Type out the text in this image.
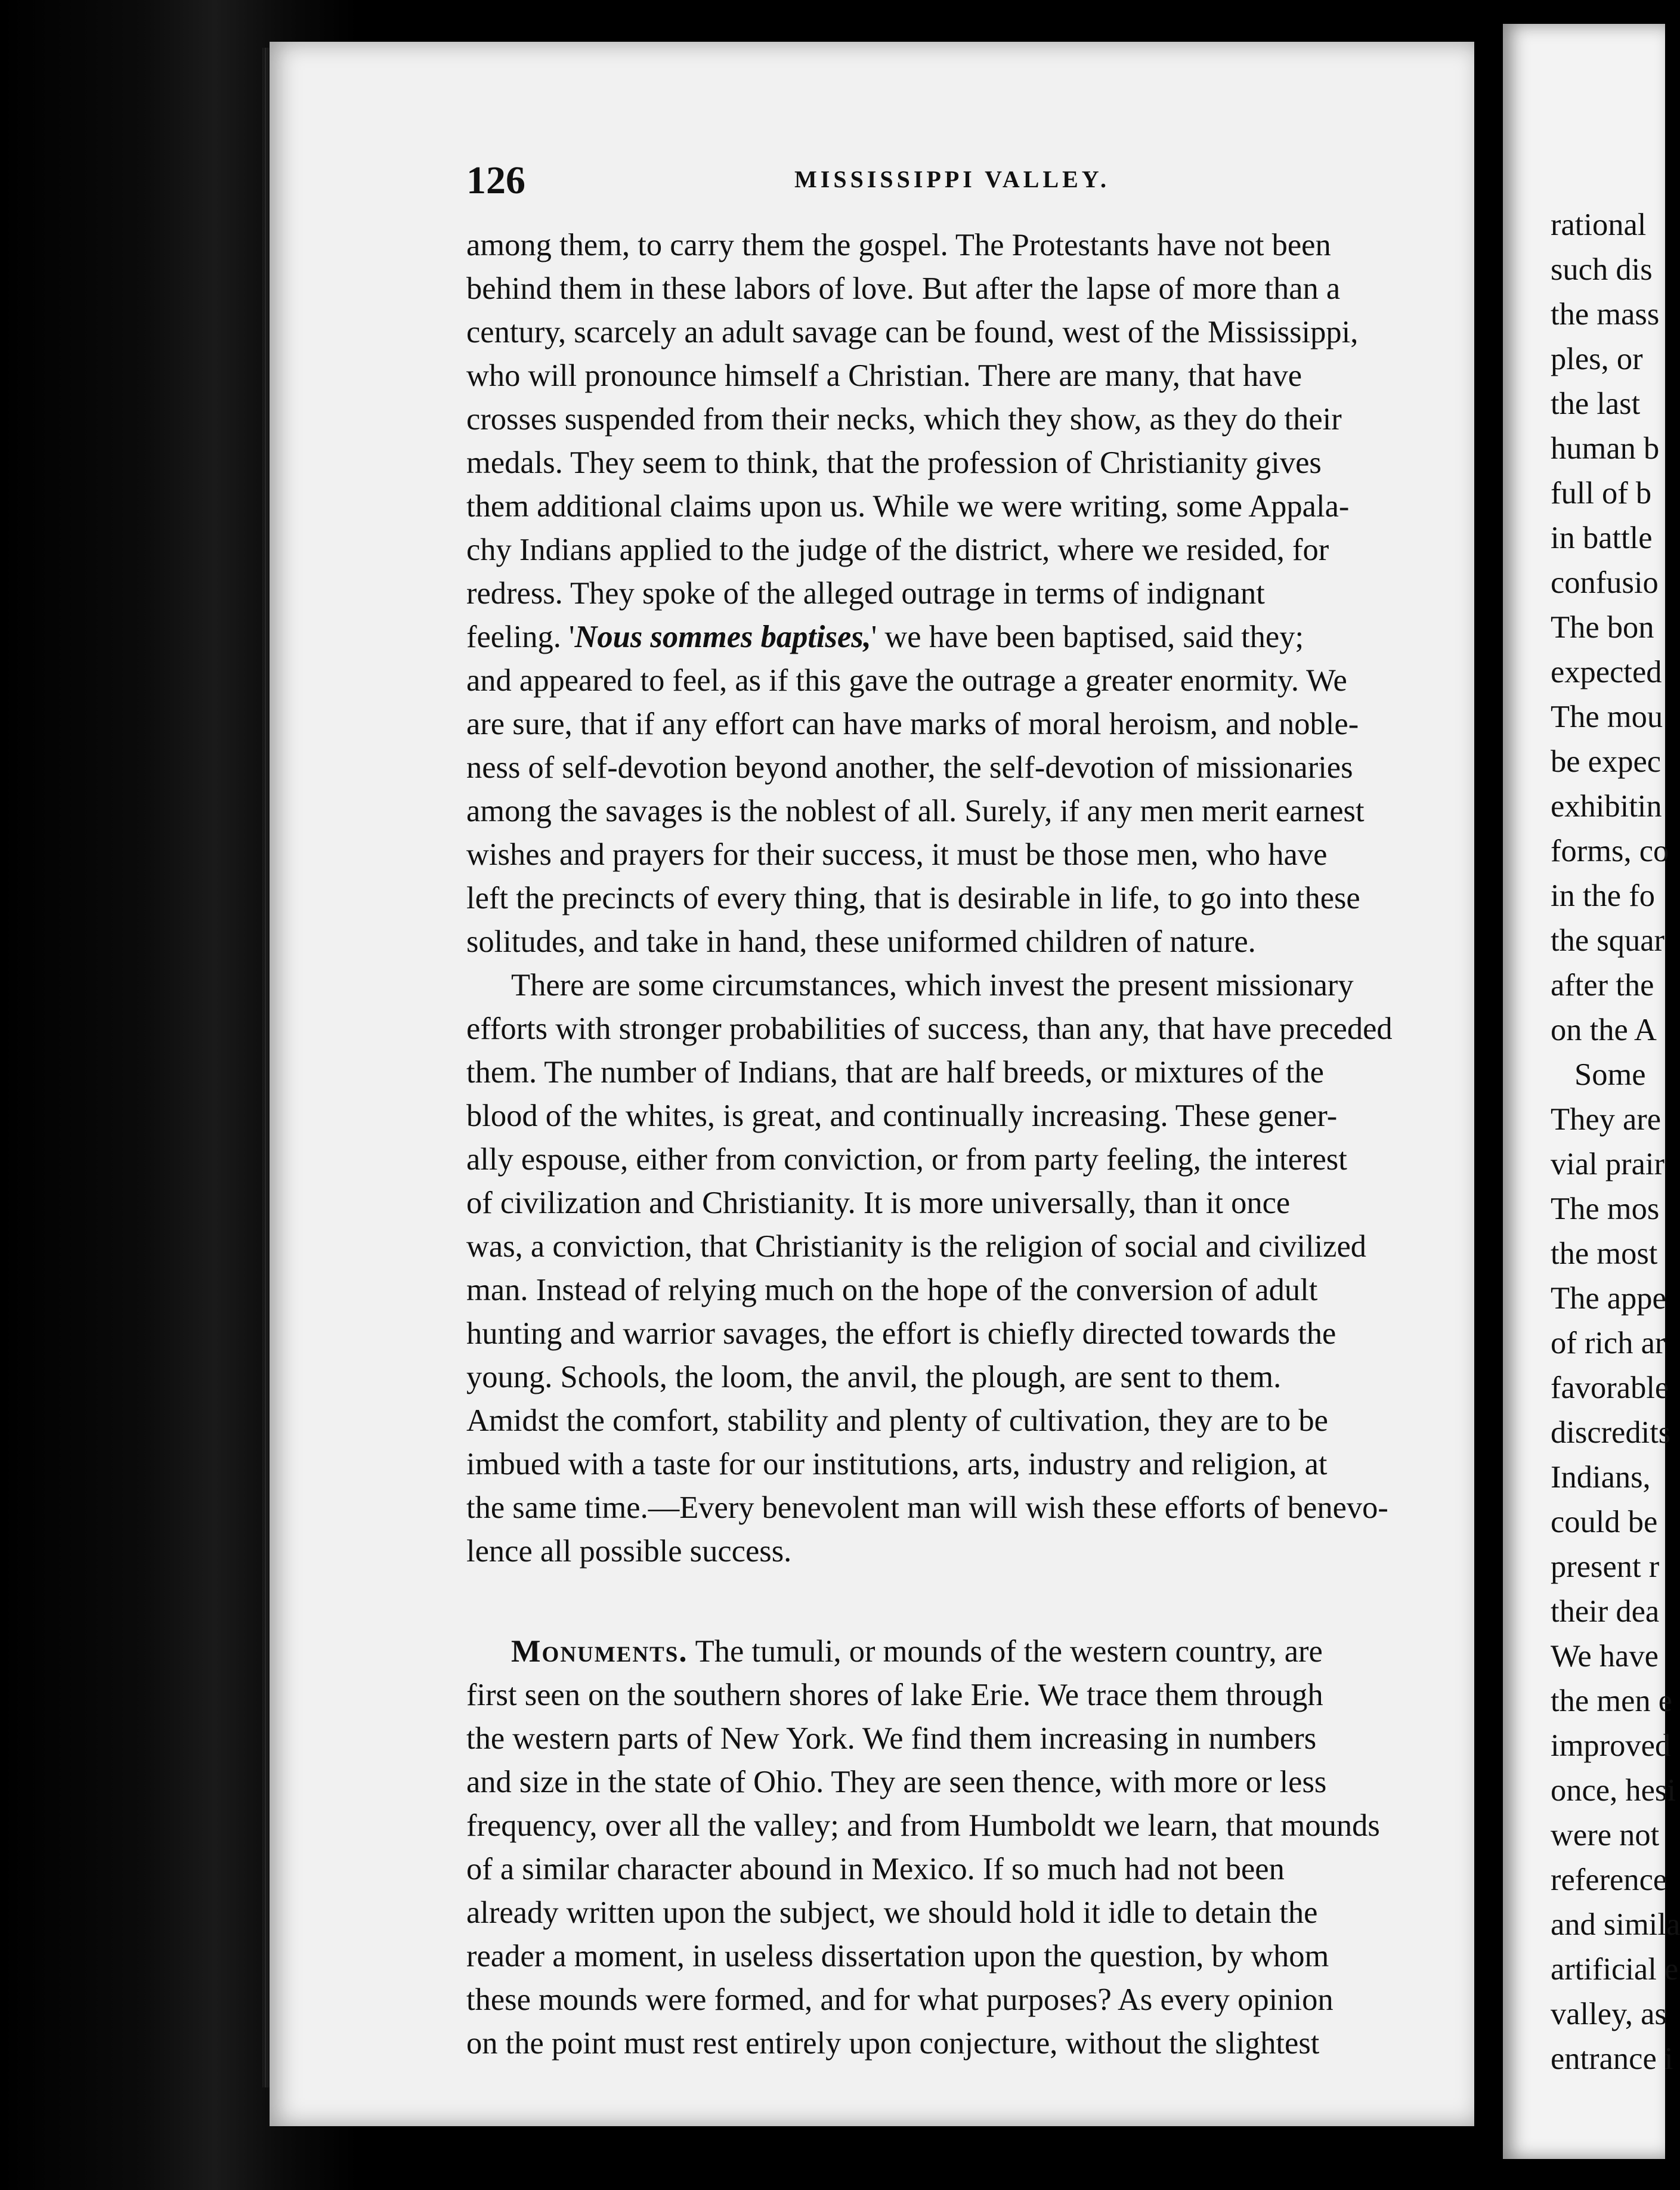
126	MISSISSIPPI VALLEY.
among them, to carry them the gospel. The Protestants have not been
behind them in these labors of love. But after the lapse of more than a
century, scarcely an adult savage can be found, west of the Mississippi,
who will pronounce himself a Christian. There are many, that have
crosses suspended from their necks, which they show, as they do their
medals. They seem to think, that the profession of Christianity gives
them additional claims upon us. While we were writing, some Appala-
chy Indians applied to the judge of the district, where we resided, for
redress. They spoke of the alleged outrage in terms of indignant
feeling. 'Nous sommes baptises,' we have been baptised, said they;
and appeared to feel, as if this gave the outrage a greater enormity. We
are sure, that if any effort can have marks of moral heroism, and noble-
ness of self-devotion beyond another, the self-devotion of missionaries
among the savages is the noblest of all. Surely, if any men merit earnest
wishes and prayers for their success, it must be those men, who have
left the precincts of every thing, that is desirable in life, to go into these
solitudes, and take in hand, these uniformed children of nature.
There are some circumstances, which invest the present missionary
efforts with stronger probabilities of success, than any, that have preceded
them. The number of Indians, that are half breeds, or mixtures of the
blood of the whites, is great, and continually increasing. These gener-
ally espouse, either from conviction, or from party feeling, the interest
of civilization and Christianity. It is more universally, than it once
was, a conviction, that Christianity is the religion of social and civilized
man. Instead of relying much on the hope of the conversion of adult
hunting and warrior savages, the effort is chiefly directed towards the
young. Schools, the loom, the anvil, the plough, are sent to them.
Amidst the comfort, stability and plenty of cultivation, they are to be
imbued with a taste for our institutions, arts, industry and religion, at
the same time.—Every benevolent man will wish these efforts of benevo-
lence all possible success.
Monuments. The tumuli, or mounds of the western country, are
first seen on the southern shores of lake Erie. We trace them through
the western parts of New York. We find them increasing in numbers
and size in the state of Ohio. They are seen thence, with more or less
frequency, over all the valley; and from Humboldt we learn, that mounds
of a similar character abound in Mexico. If so much had not been
already written upon the subject, we should hold it idle to detain the
reader a moment, in useless dissertation upon the question, by whom
these mounds were formed, and for what purposes? As every opinion
on the point must rest entirely upon conjecture, without the slightest
rational
such dis
the mass
ples, or
the last
human b
full of b
in battle
confusio
The bon
expected
The mou
be expec
exhibitin
forms, co
in the fo
the squar
after the
on the A
Some
They are
vial prair
The mos
the most
The appe
of rich ar
favorable
discredits
Indians,
could be
present r
their dea
We have
the men e
improved
once, hesi
were not
reference
and simila
artificial e
valley, as
entrance i
